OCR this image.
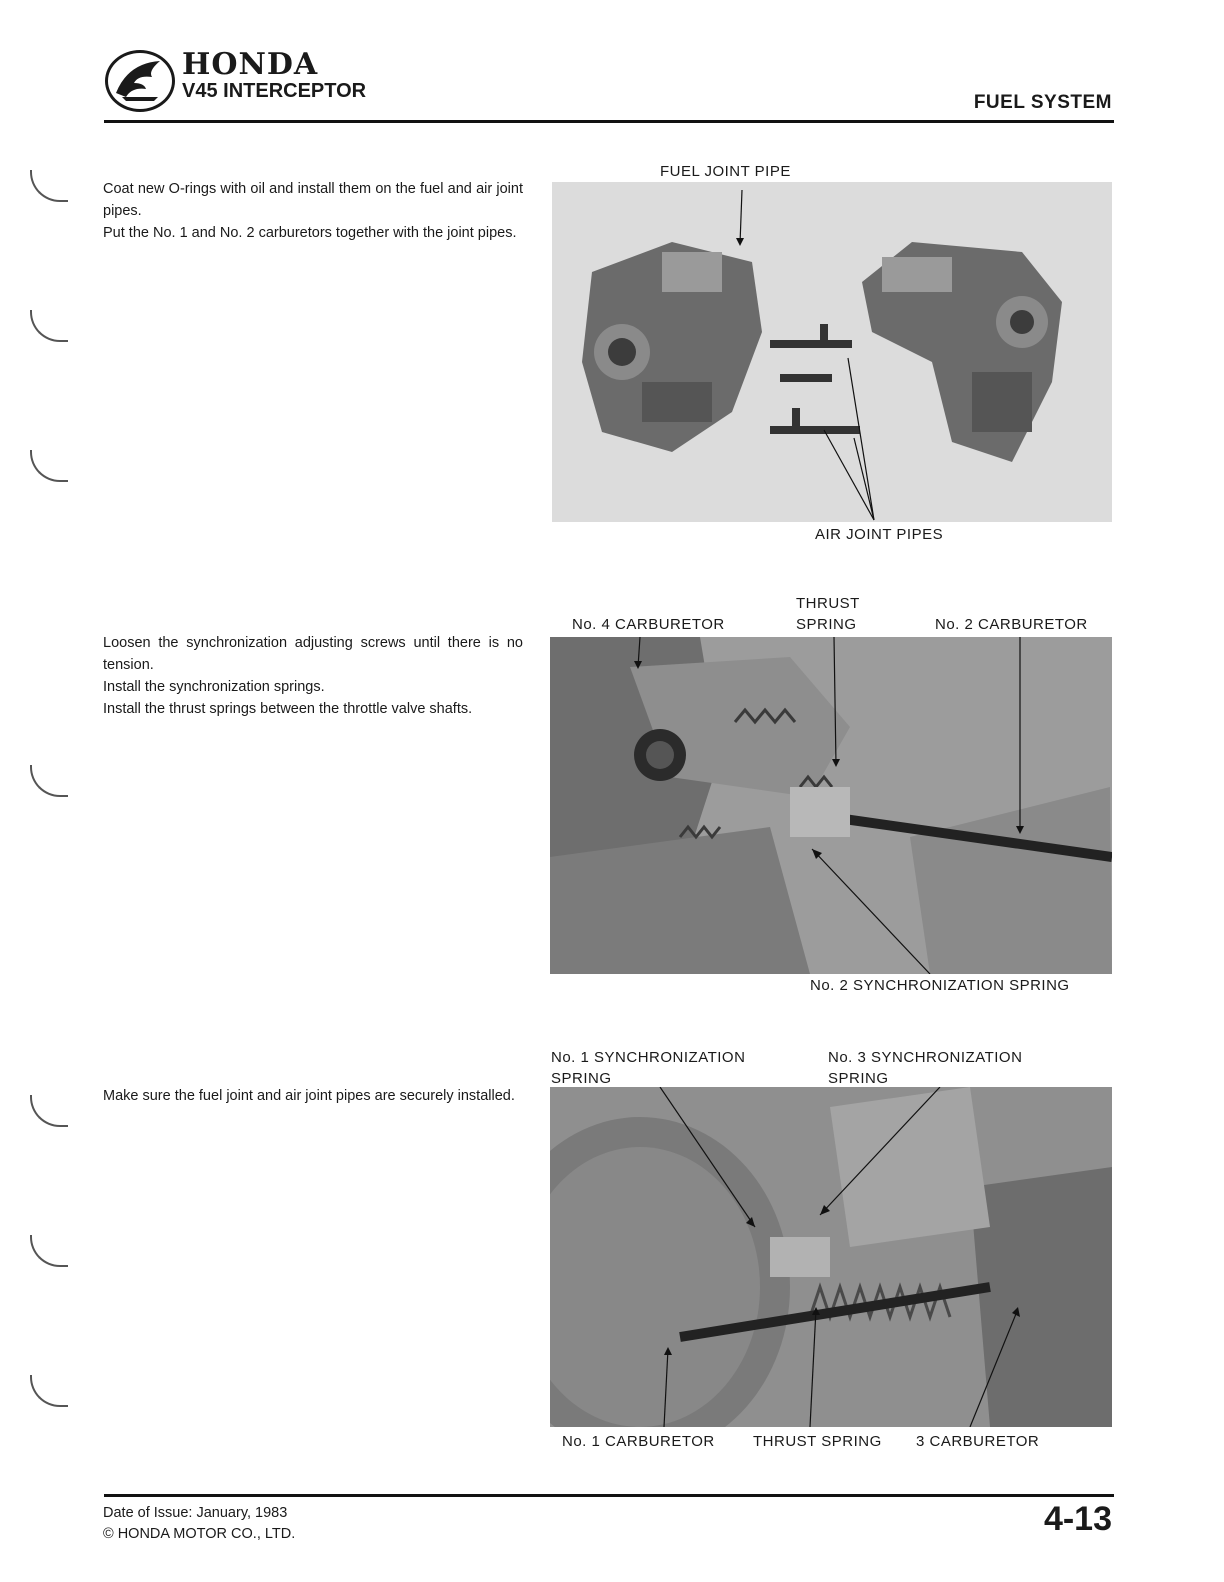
HONDA
V45 INTERCEPTOR
FUEL SYSTEM

Coat new O-rings with oil and install them on the fuel and air joint pipes.

Put the No. 1 and No. 2 carburetors together with the joint pipes.

FUEL JOINT PIPE
AIR JOINT PIPES

Loosen the synchronization adjusting screws until there is no tension.

Install the synchronization springs.

Install the thrust springs between the throttle valve shafts.

THRUST
No. 4 CARBURETOR	SPRING	No. 2 CARBURETOR
No. 2 SYNCHRONIZATION SPRING

Make sure the fuel joint and air joint pipes are securely installed.

No. 1 SYNCHRONIZATION
SPRING
No. 3 SYNCHRONIZATION
SPRING
No. 1 CARBURETOR	THRUST SPRING 3 CARBURETOR
Date of Issue: January, 1983
© HONDA MOTOR CO., LTD.	4-13
